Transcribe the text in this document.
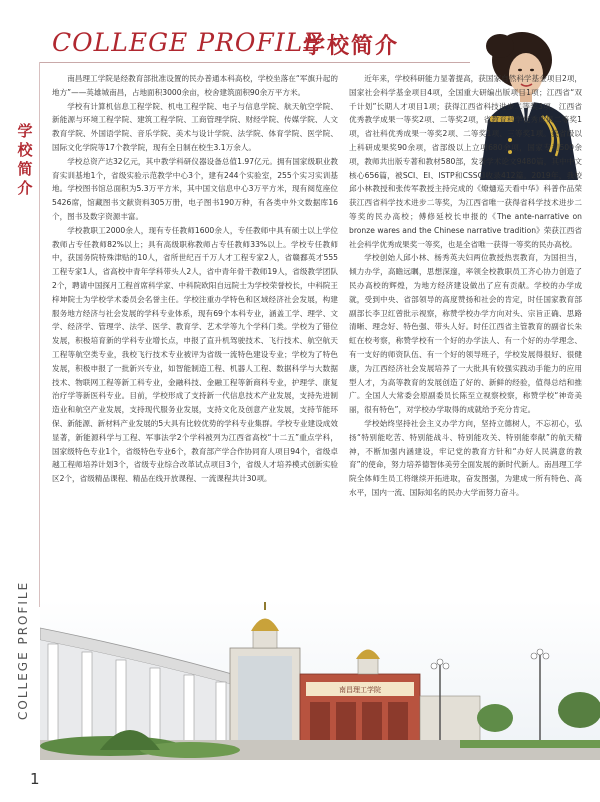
COLLEGE PROFILE
学校简介
学校简介
COLLEGE PROFILE
1

南昌理工学院是经教育部批准设置的民办普通本科高校，学校坐落在“军旗升起的地方”——英雄城南昌，占地面积3000余亩，校舍建筑面积90余万平方米。

学校有计算机信息工程学院、机电工程学院、电子与信息学院、航天航空学院、新能源与环境工程学院、建筑工程学院、工商管理学院、财经学院、传媒学院、人文教育学院、外国语学院、音乐学院、美术与设计学院、法学院、体育学院、医学院、国际文化学院等17个教学院，现有全日制在校生3.1万余人。

学校总资产达32亿元，其中教学科研仪器设备总值1.97亿元。拥有国家级职业教育实训基地1个，省级实验示范教学中心3个，建有244个实验室，255个实习实训基地。学校图书馆总面积为5.3万平方米，其中国文信息中心3万平方米，现有阅览座位5426席，馆藏图书文献资料305万册，电子图书190万种，有各类中外文数据库16个，图书及数字资源丰富。

学校教职工2000余人，现有专任教师1600余人，专任教师中具有硕士以上学位教师占专任教师82%以上；具有高级职称教师占专任教师33%以上。学校专任教师中，获国务院特殊津贴的10人，省所世纪百千万人才工程专家2人，省赣鄱英才555工程专家1人，省高校中青年学科带头人2人，省中青年骨干教师19人，省级教学团队2个，聘请中国探月工程首席科学家、中科院欧阳自远院士为学校荣誉校长，中科院王梓坤院士为学校学术委员会名誉主任。学校注重办学特色和区域经济社会发展，构建服务地方经济与社会发展的学科专业体系，现有69个本科专业，涵盖工学、理学、文学、经济学、管理学、法学、医学、教育学、艺术学等九个学科门类。学校为了错位发展，积极培育新的学科专业增长点，申报了直升机驾驶技术、飞行技术、航空航天工程等航空类专业，我校飞行技术专业被评为省级一流特色建设专业；学校为了特色发展，积极申报了一批新兴专业，如智能制造工程、机器人工程、数据科学与大数据技术、物联网工程等新工科专业，金融科技、金融工程等新商科专业，护理学、康复治疗学等新医科专业。目前，学校形成了支持新一代信息技术产业发展，支持先进制造业和航空产业发展，支持现代服务业发展，支持文化及创意产业发展，支持节能环保、新能源、新材料产业发展的5大具有比较优势的学科专业集群。学校专业建设成效显著，新能源科学与工程、军事法学2个学科被列为江西省高校“十二五”重点学科，国家级特色专业1个，省级特色专业6个，教育部产学合作协同育人项目94个，省级卓越工程师培养计划3个，省级专业综合改革试点项目3个，省级人才培养模式创新实验区2个，省级精品课程、精品在线开放课程、一流课程共计30项。

近年来，学校科研能力显著提高，获国家自然科学基金项目2项，国家社会科学基金项目4项，全国重大研编出版项目1项；江西省“双千计划”长期人才项目1项；获得江西省科技进步二等奖3项，江西省优秀教学成果一等奖2项、二等奖2项，省教育科学优秀成果二等奖1项，省社科优秀成果一等奖2项、二等奖1项、三等奖1项。获省级以上科研成果奖90余项，省部级以上立项680余项，国家专利500余项，教师共出版专著和教材580部，发表学术论文9480篇，其中中文核心656篇，被SCI、EI、ISTP和CSSCI收录412篇。2019年，我校邱小林教授和张传军教授主持完成的《燎熥巡天看中华》科普作品荣获江西省科学技术进步二等奖，为江西省唯一获得省科学技术进步二等奖的民办高校；傅修延校长申报的《The ante-narrative on bronze wares and the Chinese narrative tradition》荣获江西省社会科学优秀成果奖一等奖，也是全省唯一获得一等奖的民办高校。

学校创始人邱小林、杨秀英夫妇两位教授热衷教育，为国担当，倾力办学，高瞻远瞩，思想深邃，率领全校教职员工齐心协力创造了民办高校的辉煌，为地方经济建设做出了应有贡献。学校的办学成就，受到中央、省部领导的高度赞扬和社会的肯定，时任国家教育部副部长李卫红曾批示视察，称赞学校办学方向对头、宗旨正确、思路清晰、理念好、特色强、带头人好。时任江西省主管教育的副省长朱虹在校考察，称赞学校有一个好的办学法人、有一个好的办学理念、有一支好的师资队伍、有一个好的领导班子，学校发展得很好、很健康，为江西经济社会发展培养了一大批具有较强实践动手能力的应用型人才，为高等教育的发展创造了好的、新鲜的经验，值得总结和推广。全国人大常委会原副委员长陈至立视察校察，称赞学校“神奇美丽，很有特色”，对学校办学取得的成就给予充分肯定。

学校始终坚持社会主义办学方向，坚持立德树人，不忘初心，弘扬“特别能吃苦、特别能战斗、特别能攻关、特别能奉献”的航天精神，不断加强内涵建设，牢记党的教育方针和“办好人民满意的教育”的使命，努力培养德智体美劳全面发展的新时代新人。南昌理工学院全体师生员工将继续开拓进取，奋发图强，为建成一所有特色、高水平，国内一流、国际知名的民办大学而努力奋斗。

南昌理工学院
